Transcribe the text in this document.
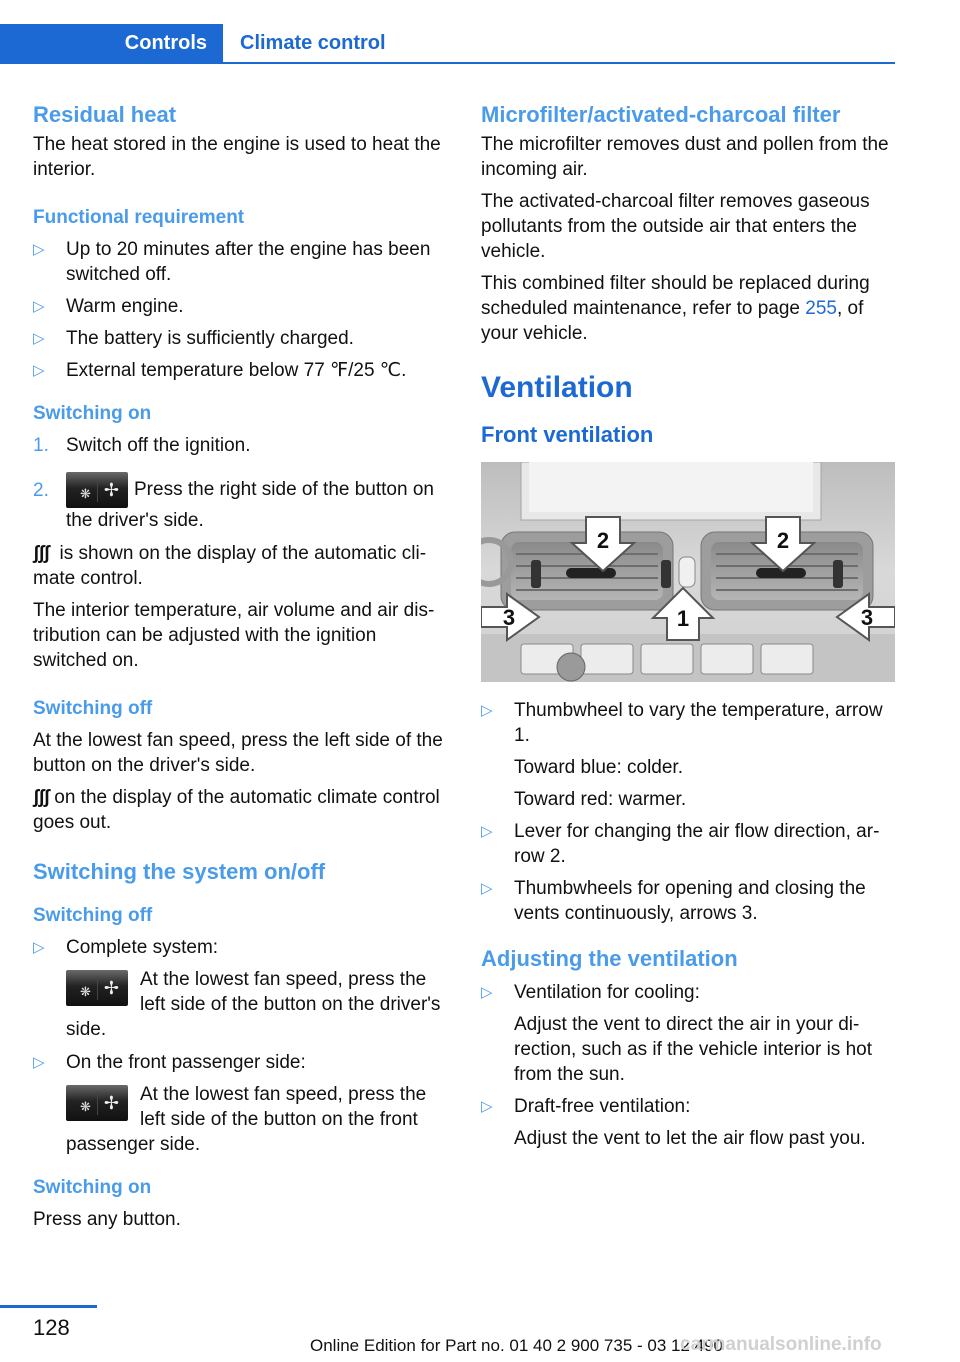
Controls	Climate control
Residual heat

The heat stored in the engine is used to heat the interior.

Functional requirement
▷ Up to 20 minutes after the engine has been switched off.
▷ Warm engine.
▷ The battery is sufficiently charged.
▷ External temperature below 77 ℉/25 ℃.
Switching on
1. Switch off the ignition.
2. ❋ ✢ Press the right side of the button on the driver's side.

ʃʃʃ is shown on the display of the automatic climate control.

The interior temperature, air volume and air distribution can be adjusted with the ignition switched on.

Switching off

At the lowest fan speed, press the left side of the button on the driver's side.

ʃʃʃ on the display of the automatic climate control goes out.

Switching the system on/off
Switching off
▷ Complete system:
❋ ✢ At the lowest fan speed, press the left side of the button on the driver's side.
▷ On the front passenger side:
❋ ✢ At the lowest fan speed, press the left side of the button on the front passenger side.
Switching on

Press any button.

Microfilter/activated-charcoal filter

The microfilter removes dust and pollen from the incoming air.

The activated-charcoal filter removes gaseous pollutants from the outside air that enters the vehicle.

This combined filter should be replaced during scheduled maintenance, refer to page 255, of your vehicle.

Ventilation
Front ventilation
2	2
3	1	3
▷ Thumbwheel to vary the temperature, arrow 1.
Toward blue: colder.
Toward red: warmer.
▷ Lever for changing the air flow direction, arrow 2.
▷ Thumbwheels for opening and closing the vents continuously, arrows 3.
Adjusting the ventilation
▷ Ventilation for cooling:
Adjust the vent to direct the air in your direction, such as if the vehicle interior is hot from the sun.
▷ Draft-free ventilation:
Adjust the vent to let the air flow past you.
128
Online Edition for Part no. 01 40 2 900 735 - 03 12 490
carmanualsonline.info
